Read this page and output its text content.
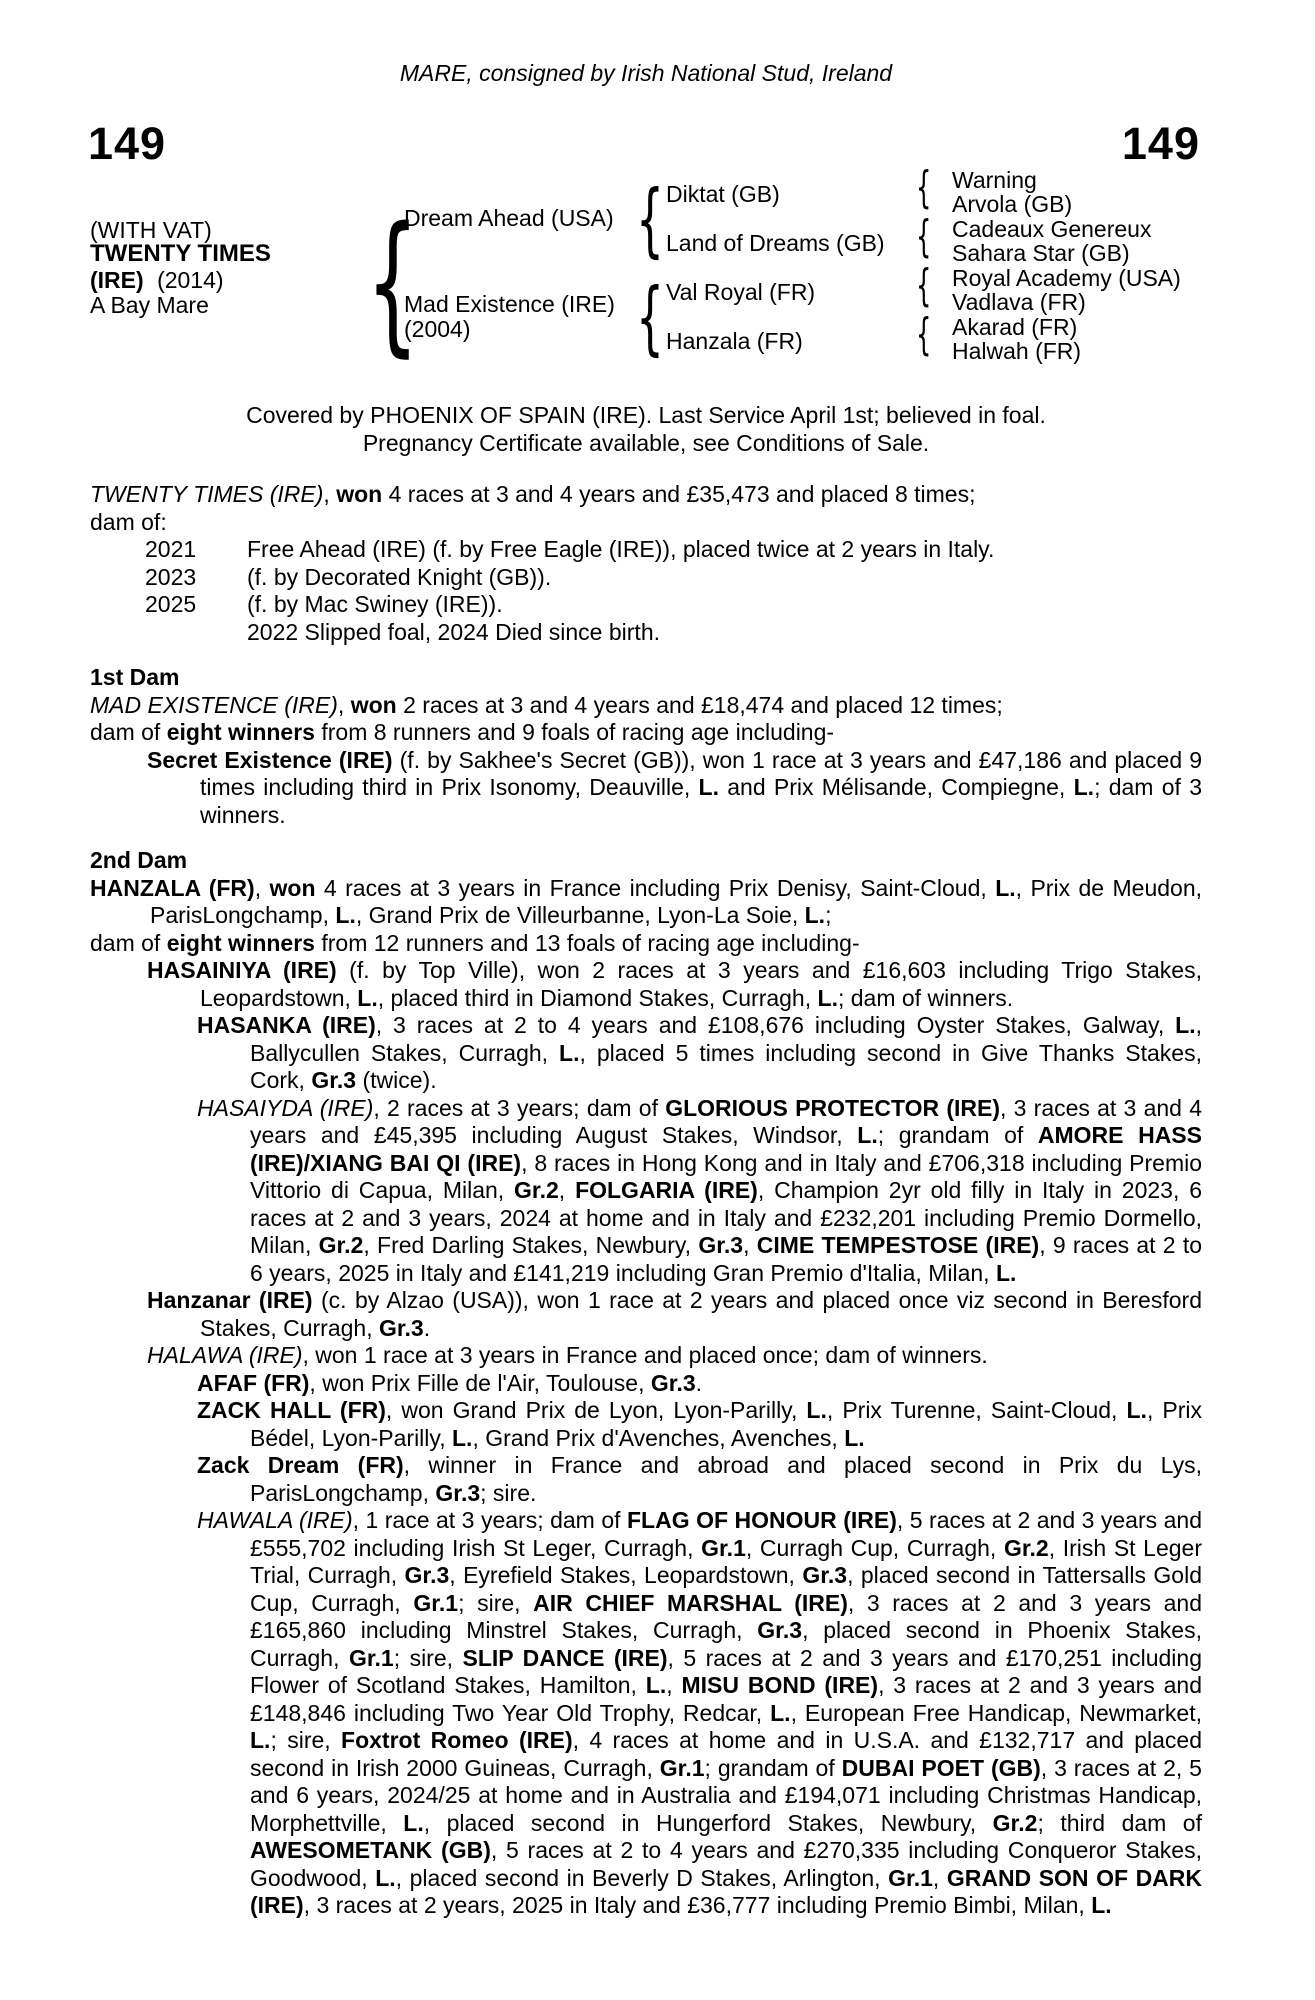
MARE, consigned by Irish National Stud, Ireland
149	149
(WITH VAT)
TWENTY TIMES
(IRE) (2014)
A Bay Mare {	{
{
{
{
{
{
Dream Ahead (USA)
Mad Existence (IRE)
(2004)
Diktat (GB)
Land of Dreams (GB)
Val Royal (FR)
Hanzala (FR)
Warning
Arvola (GB)
Cadeaux Genereux
Sahara Star (GB)
Royal Academy (USA)
Vadlava (FR)
Akarad (FR)
Halwah (FR)
Covered by PHOENIX OF SPAIN (IRE). Last Service April 1st; believed in foal.
Pregnancy Certificate available, see Conditions of Sale.

TWENTY TIMES (IRE), won 4 races at 3 and 4 years and £35,473 and placed 8 times;

dam of:

2021	Free Ahead (IRE) (f. by Free Eagle (IRE)), placed twice at 2 years in Italy.
2023	(f. by Decorated Knight (GB)).
2025	(f. by Mac Swiney (IRE)).
2022 Slipped foal, 2024 Died since birth.
1st Dam

MAD EXISTENCE (IRE), won 2 races at 3 and 4 years and £18,474 and placed 12 times;

dam of eight winners from 8 runners and 9 foals of racing age including-

Secret Existence (IRE) (f. by Sakhee's Secret (GB)), won 1 race at 3 years and £47,186 and placed 9 times including third in Prix Isonomy, Deauville, L. and Prix Mélisande, Compiegne, L.; dam of 3 winners.

2nd Dam

HANZALA (FR), won 4 races at 3 years in France including Prix Denisy, Saint-Cloud, L., Prix de Meudon, ParisLongchamp, L., Grand Prix de Villeurbanne, Lyon-La Soie, L.;

dam of eight winners from 12 runners and 13 foals of racing age including-

HASAINIYA (IRE) (f. by Top Ville), won 2 races at 3 years and £16,603 including Trigo Stakes, Leopardstown, L., placed third in Diamond Stakes, Curragh, L.; dam of winners.

HASANKA (IRE), 3 races at 2 to 4 years and £108,676 including Oyster Stakes, Galway, L., Ballycullen Stakes, Curragh, L., placed 5 times including second in Give Thanks Stakes, Cork, Gr.3 (twice).

HASAIYDA (IRE), 2 races at 3 years; dam of GLORIOUS PROTECTOR (IRE), 3 races at 3 and 4 years and £45,395 including August Stakes, Windsor, L.; grandam of AMORE HASS (IRE)/XIANG BAI QI (IRE), 8 races in Hong Kong and in Italy and £706,318 including Premio Vittorio di Capua, Milan, Gr.2, FOLGARIA (IRE), Champion 2yr old filly in Italy in 2023, 6 races at 2 and 3 years, 2024 at home and in Italy and £232,201 including Premio Dormello, Milan, Gr.2, Fred Darling Stakes, Newbury, Gr.3, CIME TEMPESTOSE (IRE), 9 races at 2 to 6 years, 2025 in Italy and £141,219 including Gran Premio d'Italia, Milan, L.

Hanzanar (IRE) (c. by Alzao (USA)), won 1 race at 2 years and placed once viz second in Beresford Stakes, Curragh, Gr.3.

HALAWA (IRE), won 1 race at 3 years in France and placed once; dam of winners.

AFAF (FR), won Prix Fille de l'Air, Toulouse, Gr.3.

ZACK HALL (FR), won Grand Prix de Lyon, Lyon-Parilly, L., Prix Turenne, Saint-Cloud, L., Prix Bédel, Lyon-Parilly, L., Grand Prix d'Avenches, Avenches, L.

Zack Dream (FR), winner in France and abroad and placed second in Prix du Lys, ParisLongchamp, Gr.3; sire.

HAWALA (IRE), 1 race at 3 years; dam of FLAG OF HONOUR (IRE), 5 races at 2 and 3 years and £555,702 including Irish St Leger, Curragh, Gr.1, Curragh Cup, Curragh, Gr.2, Irish St Leger Trial, Curragh, Gr.3, Eyrefield Stakes, Leopardstown, Gr.3, placed second in Tattersalls Gold Cup, Curragh, Gr.1; sire, AIR CHIEF MARSHAL (IRE), 3 races at 2 and 3 years and £165,860 including Minstrel Stakes, Curragh, Gr.3, placed second in Phoenix Stakes, Curragh, Gr.1; sire, SLIP DANCE (IRE), 5 races at 2 and 3 years and £170,251 including Flower of Scotland Stakes, Hamilton, L., MISU BOND (IRE), 3 races at 2 and 3 years and £148,846 including Two Year Old Trophy, Redcar, L., European Free Handicap, Newmarket, L.; sire, Foxtrot Romeo (IRE), 4 races at home and in U.S.A. and £132,717 and placed second in Irish 2000 Guineas, Curragh, Gr.1; grandam of DUBAI POET (GB), 3 races at 2, 5 and 6 years, 2024/25 at home and in Australia and £194,071 including Christmas Handicap, Morphettville, L., placed second in Hungerford Stakes, Newbury, Gr.2; third dam of AWESOMETANK (GB), 5 races at 2 to 4 years and £270,335 including Conqueror Stakes, Goodwood, L., placed second in Beverly D Stakes, Arlington, Gr.1, GRAND SON OF DARK (IRE), 3 races at 2 years, 2025 in Italy and £36,777 including Premio Bimbi, Milan, L.
